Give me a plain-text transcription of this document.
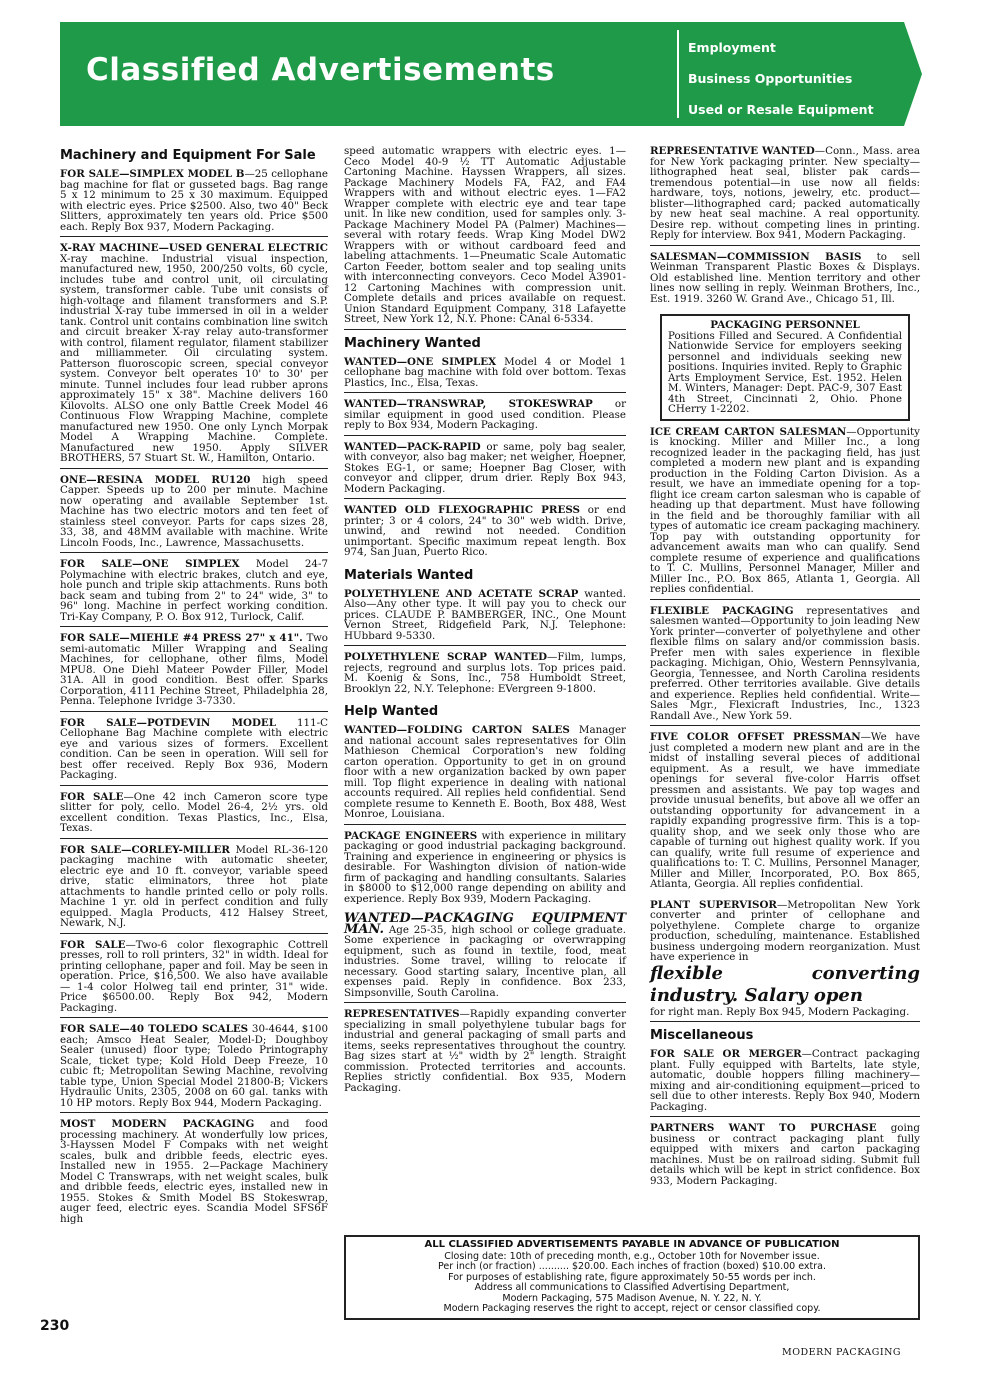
Classified Advertisements
Employment
Business Opportunities
Used or Resale Equipment
Machinery and Equipment For Sale
FOR SALE—SIMPLEX MODEL B—25 cellophane bag machine for flat or gusseted bags. Bag range 5 x 12 minimum to 25 x 30 maximum. Equipped with electric eyes. Price $2500. Also, two 40" Beck Slitters, approximately ten years old. Price $500 each. Reply Box 937, Modern Packaging.
X-RAY MACHINE—USED GENERAL ELECTRIC X-ray machine. Industrial visual inspection, manufactured new, 1950, 200/250 volts, 60 cycle, includes tube and control unit, oil circulating system, transformer cable. Tube unit consists of high-voltage and filament transformers and S.P. industrial X-ray tube immersed in oil in a welder tank. Control unit contains combination line switch and circuit breaker X-ray relay auto-transformer with control, filament regulator, filament stabilizer and milliammeter. Oil circulating system. Patterson fluoroscopic screen, special conveyor system. Conveyor belt operates 10' to 30' per minute. Tunnel includes four lead rubber aprons approximately 15" x 38". Machine delivers 160 Kilovolts. ALSO one only Battle Creek Model 46 Continuous Flow Wrapping Machine, complete manufactured new 1950. One only Lynch Morpak Model A Wrapping Machine. Complete. Manufactured new 1950. Apply SILVER BROTHERS, 57 Stuart St. W., Hamilton, Ontario.
ONE—RESINA MODEL RU120 high speed Capper. Speeds up to 200 per minute. Machine now operating and available September 1st. Machine has two electric motors and ten feet of stainless steel conveyor. Parts for caps sizes 28, 33, 38, and 48MM available with machine. Write Lincoln Foods, Inc., Lawrence, Massachusetts.
FOR SALE—ONE SIMPLEX Model 24-7 Polymachine with electric brakes, clutch and eye, hole punch and triple skip attachments. Runs both back seam and tubing from 2" to 24" wide, 3" to 96" long. Machine in perfect working condition. Tri-Kay Company, P. O. Box 912, Turlock, Calif.
FOR SALE—MIEHLE #4 PRESS 27" x 41". Two semi-automatic Miller Wrapping and Sealing Machines, for cellophane, other films, Model MPU8. One Diehl Mateer Powder Filler, Model 31A. All in good condition. Best offer. Sparks Corporation, 4111 Pechine Street, Philadelphia 28, Penna. Telephone Ivridge 3-7330.
FOR SALE—POTDEVIN MODEL 111-C Cellophane Bag Machine complete with electric eye and various sizes of formers. Excellent condition. Can be seen in operation. Will sell for best offer received. Reply Box 936, Modern Packaging.
FOR SALE—One 42 inch Cameron score type slitter for poly, cello. Model 26-4, 2½ yrs. old excellent condition. Texas Plastics, Inc., Elsa, Texas.
FOR SALE—CORLEY-MILLER Model RL-36-120 packaging machine with automatic sheeter, electric eye and 10 ft. conveyor, variable speed drive, static eliminators, three hot plate attachments to handle printed cello or poly rolls. Machine 1 yr. old in perfect condition and fully equipped. Magla Products, 412 Halsey Street, Newark, N.J.
FOR SALE—Two-6 color flexographic Cottrell presses, roll to roll printers, 32" in width. Ideal for printing cellophane, paper and foil. May be seen in operation. Price, $16,500. We also have available — 1-4 color Holweg tail end printer, 31" wide. Price $6500.00. Reply Box 942, Modern Packaging.
FOR SALE—40 TOLEDO SCALES 30-4644, $100 each; Amsco Heat Sealer, Model-D; Doughboy Sealer (unused) floor type; Toledo Printography Scale, ticket type; Kold Hold Deep Freeze, 10 cubic ft; Metropolitan Sewing Machine, revolving table type, Union Special Model 21800-B; Vickers Hydraulic Units, 2305, 2008 on 60 gal. tanks with 10 HP motors. Reply Box 944, Modern Packaging.
MOST MODERN PACKAGING and food processing machinery. At wonderfully low prices, 3-Hayssen Model F Compaks with net weight scales, bulk and dribble feeds, electric eyes. Installed new in 1955. 2—Package Machinery Model C Transwraps, with net weight scales, bulk and dribble feeds, electric eyes, installed new in 1955. Stokes & Smith Model BS Stokeswrap, auger feed, electric eyes. Scandia Model SFS6F high
speed automatic wrappers with electric eyes. 1—Ceco Model 40-9 ½ TT Automatic Adjustable Cartoning Machine. Hayssen Wrappers, all sizes. Package Machinery Models FA, FA2, and FA4 Wrappers with and without electric eyes. 1—FA2 Wrapper complete with electric eye and tear tape unit. In like new condition, used for samples only. 3-Package Machinery Model PA (Palmer) Machines—several with rotary feeds. Wrap King Model DW2 Wrappers with or without cardboard feed and labeling attachments. 1—Pneumatic Scale Automatic Carton Feeder, bottom sealer and top sealing units with interconnecting conveyors. Ceco Model A3901-12 Cartoning Machines with compression unit. Complete details and prices available on request. Union Standard Equipment Company, 318 Lafayette Street, New York 12, N.Y. Phone: CAnal 6-5334.
Machinery Wanted
WANTED—ONE SIMPLEX Model 4 or Model 1 cellophane bag machine with fold over bottom. Texas Plastics, Inc., Elsa, Texas.
WANTED—TRANSWRAP, STOKESWRAP or similar equipment in good used condition. Please reply to Box 934, Modern Packaging.
WANTED—PACK-RAPID or same, poly bag sealer, with conveyor, also bag maker; net weigher, Hoepner, Stokes EG-1, or same; Hoepner Bag Closer, with conveyor and clipper, drum drier. Reply Box 943, Modern Packaging.
WANTED OLD FLEXOGRAPHIC PRESS or end printer; 3 or 4 colors, 24" to 30" web width. Drive, unwind, and rewind not needed. Condition unimportant. Specific maximum repeat length. Box 974, San Juan, Puerto Rico.
Materials Wanted
POLYETHYLENE AND ACETATE SCRAP wanted. Also—Any other type. It will pay you to check our prices. CLAUDE P. BAMBERGER, INC., One Mount Vernon Street, Ridgefield Park, N.J. Telephone: HUbbard 9-5330.
POLYETHYLENE SCRAP WANTED—Film, lumps, rejects, reground and surplus lots. Top prices paid. M. Koenig & Sons, Inc., 758 Humboldt Street, Brooklyn 22, N.Y. Telephone: EVergreen 9-1800.
Help Wanted
WANTED—FOLDING CARTON SALES Manager and national account sales representatives for Olin Mathieson Chemical Corporation's new folding carton operation. Opportunity to get in on ground floor with a new organization backed by own paper mill. Top flight experience in dealing with national accounts required. All replies held confidential. Send complete resume to Kenneth E. Booth, Box 488, West Monroe, Louisiana.
PACKAGE ENGINEERS with experience in military packaging or good industrial packaging background. Training and experience in engineering or physics is desirable. For Washington division of nation-wide firm of packaging and handling consultants. Salaries in $8000 to $12,000 range depending on ability and experience. Reply Box 939, Modern Packaging.
WANTED—PACKAGING EQUIPMENT MAN. Age 25-35, high school or college graduate. Some experience in packaging or overwrapping equipment, such as found in textile, food, meat industries. Some travel, willing to relocate if necessary. Good starting salary, Incentive plan, all expenses paid. Reply in confidence. Box 233, Simpsonville, South Carolina.
REPRESENTATIVES—Rapidly expanding converter specializing in small polyethylene tubular bags for industrial and general packaging of small parts and items, seeks representatives throughout the country. Bag sizes start at ½" width by 2" length. Straight commission. Protected territories and accounts. Replies strictly confidential. Box 935, Modern Packaging.
REPRESENTATIVE WANTED—Conn., Mass. area for New York packaging printer. New specialty—lithographed heat seal, blister pak cards—tremendous potential—in use now all fields: hardware, toys, notions, jewelry, etc. product—blister—lithographed card; packed automatically by new heat seal machine. A real opportunity. Desire rep. without competing lines in printing. Reply for interview. Box 941, Modern Packaging.
SALESMAN—COMMISSION BASIS to sell Weinman Transparent Plastic Boxes & Displays. Old established line. Mention territory and other lines now selling in reply. Weinman Brothers, Inc., Est. 1919. 3260 W. Grand Ave., Chicago 51, Ill.
PACKAGING PERSONNEL
Positions Filled and Secured. A Confidential Nationwide Service for employers seeking personnel and individuals seeking new positions. Inquiries invited. Reply to Graphic Arts Employment Service, Est. 1952. Helen M. Winters, Manager: Dept. PAC-9, 307 East 4th Street, Cincinnati 2, Ohio. Phone CHerry 1-2202.
ICE CREAM CARTON SALESMAN—Opportunity is knocking. Miller and Miller Inc., a long recognized leader in the packaging field, has just completed a modern new plant and is expanding production in the Folding Carton Division. As a result, we have an immediate opening for a top-flight ice cream carton salesman who is capable of heading up that department. Must have following in the field and be thoroughly familiar with all types of automatic ice cream packaging machinery. Top pay with outstanding opportunity for advancement awaits man who can qualify. Send complete resume of experience and qualifications to T. C. Mullins, Personnel Manager, Miller and Miller Inc., P.O. Box 865, Atlanta 1, Georgia. All replies confidential.
FLEXIBLE PACKAGING representatives and salesmen wanted—Opportunity to join leading New York printer—converter of polyethylene and other flexible films on salary and/or commission basis. Prefer men with sales experience in flexible packaging. Michigan, Ohio, Western Pennsylvania, Georgia, Tennessee, and North Carolina residents preferred. Other territories available. Give details and experience. Replies held confidential. Write—Sales Mgr., Flexicraft Industries, Inc., 1323 Randall Ave., New York 59.
FIVE COLOR OFFSET PRESSMAN—We have just completed a modern new plant and are in the midst of installing several pieces of additional equipment. As a result, we have immediate openings for several five-color Harris offset pressmen and assistants. We pay top wages and provide unusual benefits, but above all we offer an outstanding opportunity for advancement in a rapidly expanding progressive firm. This is a top-quality shop, and we seek only those who are capable of turning out highest quality work. If you can qualify, write full resume of experience and qualifications to: T. C. Mullins, Personnel Manager, Miller and Miller, Incorporated, P.O. Box 865, Atlanta, Georgia. All replies confidential.
PLANT SUPERVISOR—Metropolitan New York converter and printer of cellophane and polyethylene. Complete charge to organize production, scheduling, maintenance. Established business undergoing modern reorganization. Must have experience in
flexible converting industry. Salary open
for right man. Reply Box 945, Modern Packaging.
Miscellaneous
FOR SALE OR MERGER—Contract packaging plant. Fully equipped with Bartelts, late style, automatic, double hoppers filling machinery—mixing and air-conditioning equipment—priced to sell due to other interests. Reply Box 940, Modern Packaging.
PARTNERS WANT TO PURCHASE going business or contract packaging plant fully equipped with mixers and carton packaging machines. Must be on railroad siding. Submit full details which will be kept in strict confidence. Box 933, Modern Packaging.
ALL CLASSIFIED ADVERTISEMENTS PAYABLE IN ADVANCE OF PUBLICATION
Closing date: 10th of preceding month, e.g., October 10th for November issue.
Per inch (or fraction) .......... $20.00. Each inches of fraction (boxed) $10.00 extra.
For purposes of establishing rate, figure approximately 50-55 words per inch.
Address all communications to Classified Advertising Department,
Modern Packaging, 575 Madison Avenue, N. Y. 22, N. Y.
Modern Packaging reserves the right to accept, reject or censor classified copy.
230
MODERN PACKAGING
